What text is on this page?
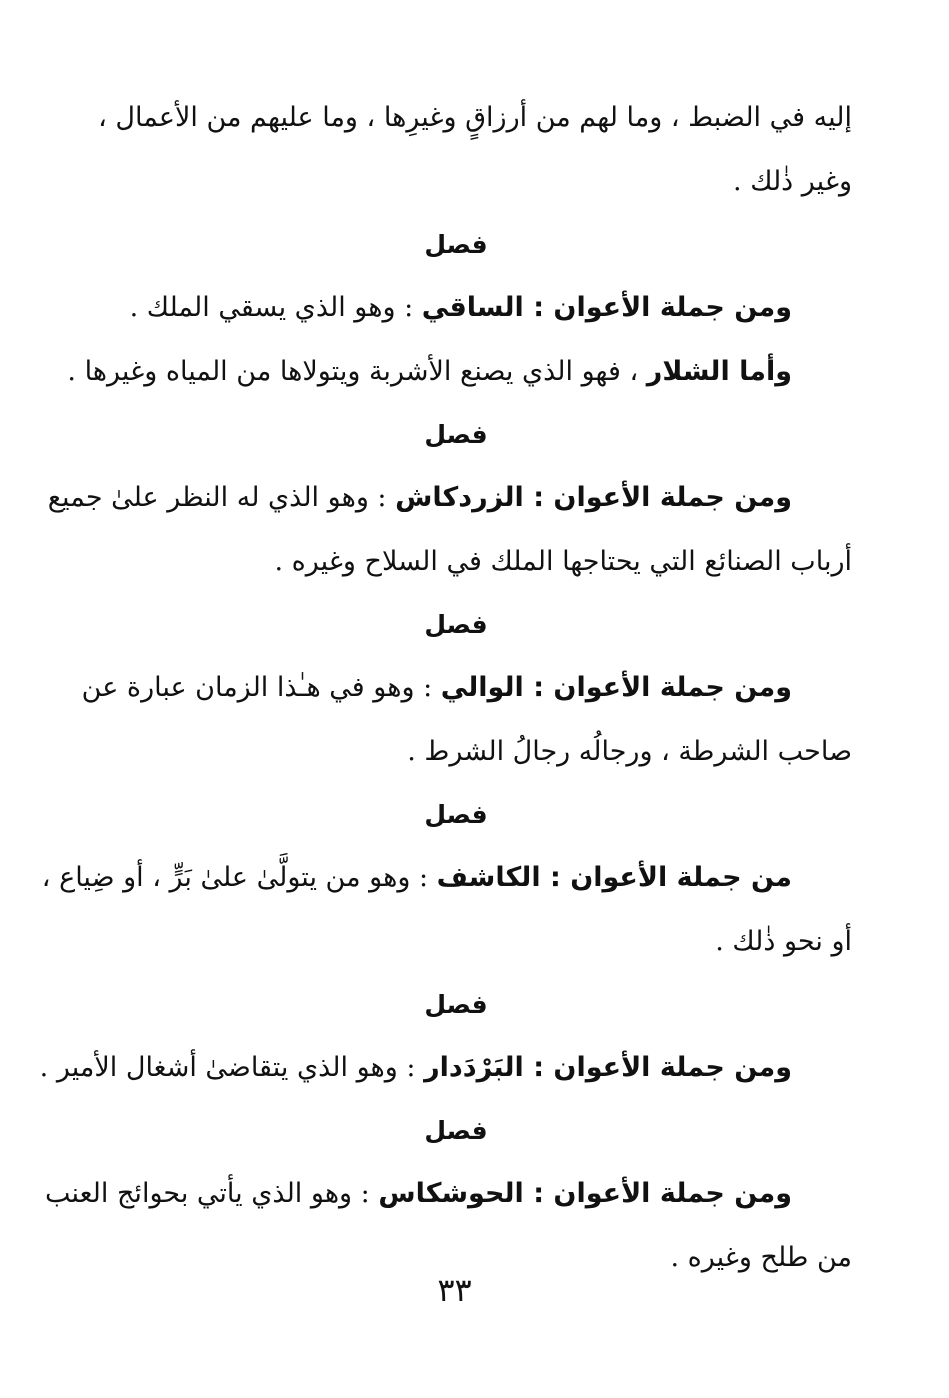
إليه في الضبط ، وما لهم من أرزاقٍ وغيرِها ، وما عليهم من الأعمال ،

وغير ذٰلك .

فصل

ومن جملة الأعوان : الساقي : وهو الذي يسقي الملك .

وأما الشلار ، فهو الذي يصنع الأشربة ويتولاها من المياه وغيرها .

فصل

ومن جملة الأعوان : الزردكاش : وهو الذي له النظر علىٰ جميع

أرباب الصنائع التي يحتاجها الملك في السلاح وغيره .

فصل

ومن جملة الأعوان : الوالي : وهو في هـٰذا الزمان عبارة عن

صاحب الشرطة ، ورجالُه رجالُ الشرط .

فصل

من جملة الأعوان : الكاشف : وهو من يتولَّىٰ علىٰ بَرٍّ ، أو ضِياع ،

أو نحو ذٰلك .

فصل

ومن جملة الأعوان : البَرْدَدار : وهو الذي يتقاضىٰ أشغال الأمير .

فصل

ومن جملة الأعوان : الحوشكاس : وهو الذي يأتي بحوائج العنب

من طلح وغيره .

٣٣
